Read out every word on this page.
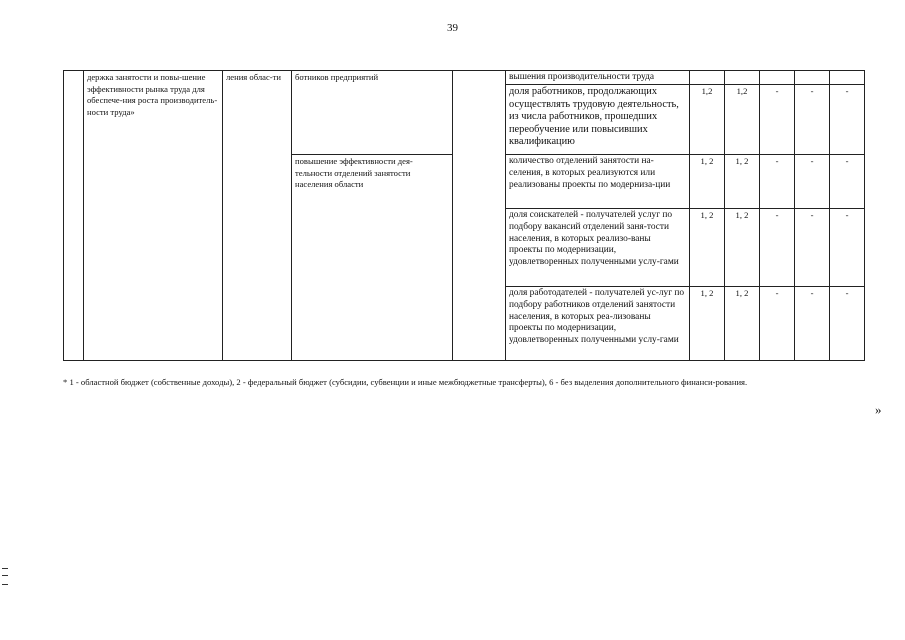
39
	держка занятости и повы-шение эффективности рынка труда для обеспече-ния роста производитель-ности труда»	ления облас-ти	ботников предприятий		вышения производительности труда					
					доля работников, продолжающих осуществлять трудовую деятельность, из числа работников, прошедших переобучение или повысивших квалификацию	1,2	1,2	-	-	-
			повышение эффективности дея-тельности отделений занятости населения области		количество отделений занятости на-селения, в которых реализуются или реализованы проекты по модерниза-ции	1, 2	1, 2	-	-	-
					доля соискателей - получателей услуг по подбору вакансий отделений заня-тости населения, в которых реализо-ваны проекты по модернизации, удовлетворенных полученными услу-гами	1, 2	1, 2	-	-	-
					доля работодателей - получателей ус-луг по подбору работников отделений занятости населения, в которых реа-лизованы проекты по модернизации, удовлетворенных полученными услу-гами	1, 2	1, 2	-	-	-
* 1 - областной бюджет (собственные доходы), 2 - федеральный бюджет (субсидии, субвенции и иные межбюджетные трансферты), 6 - без выделения дополнительного финанси-рования.
»
